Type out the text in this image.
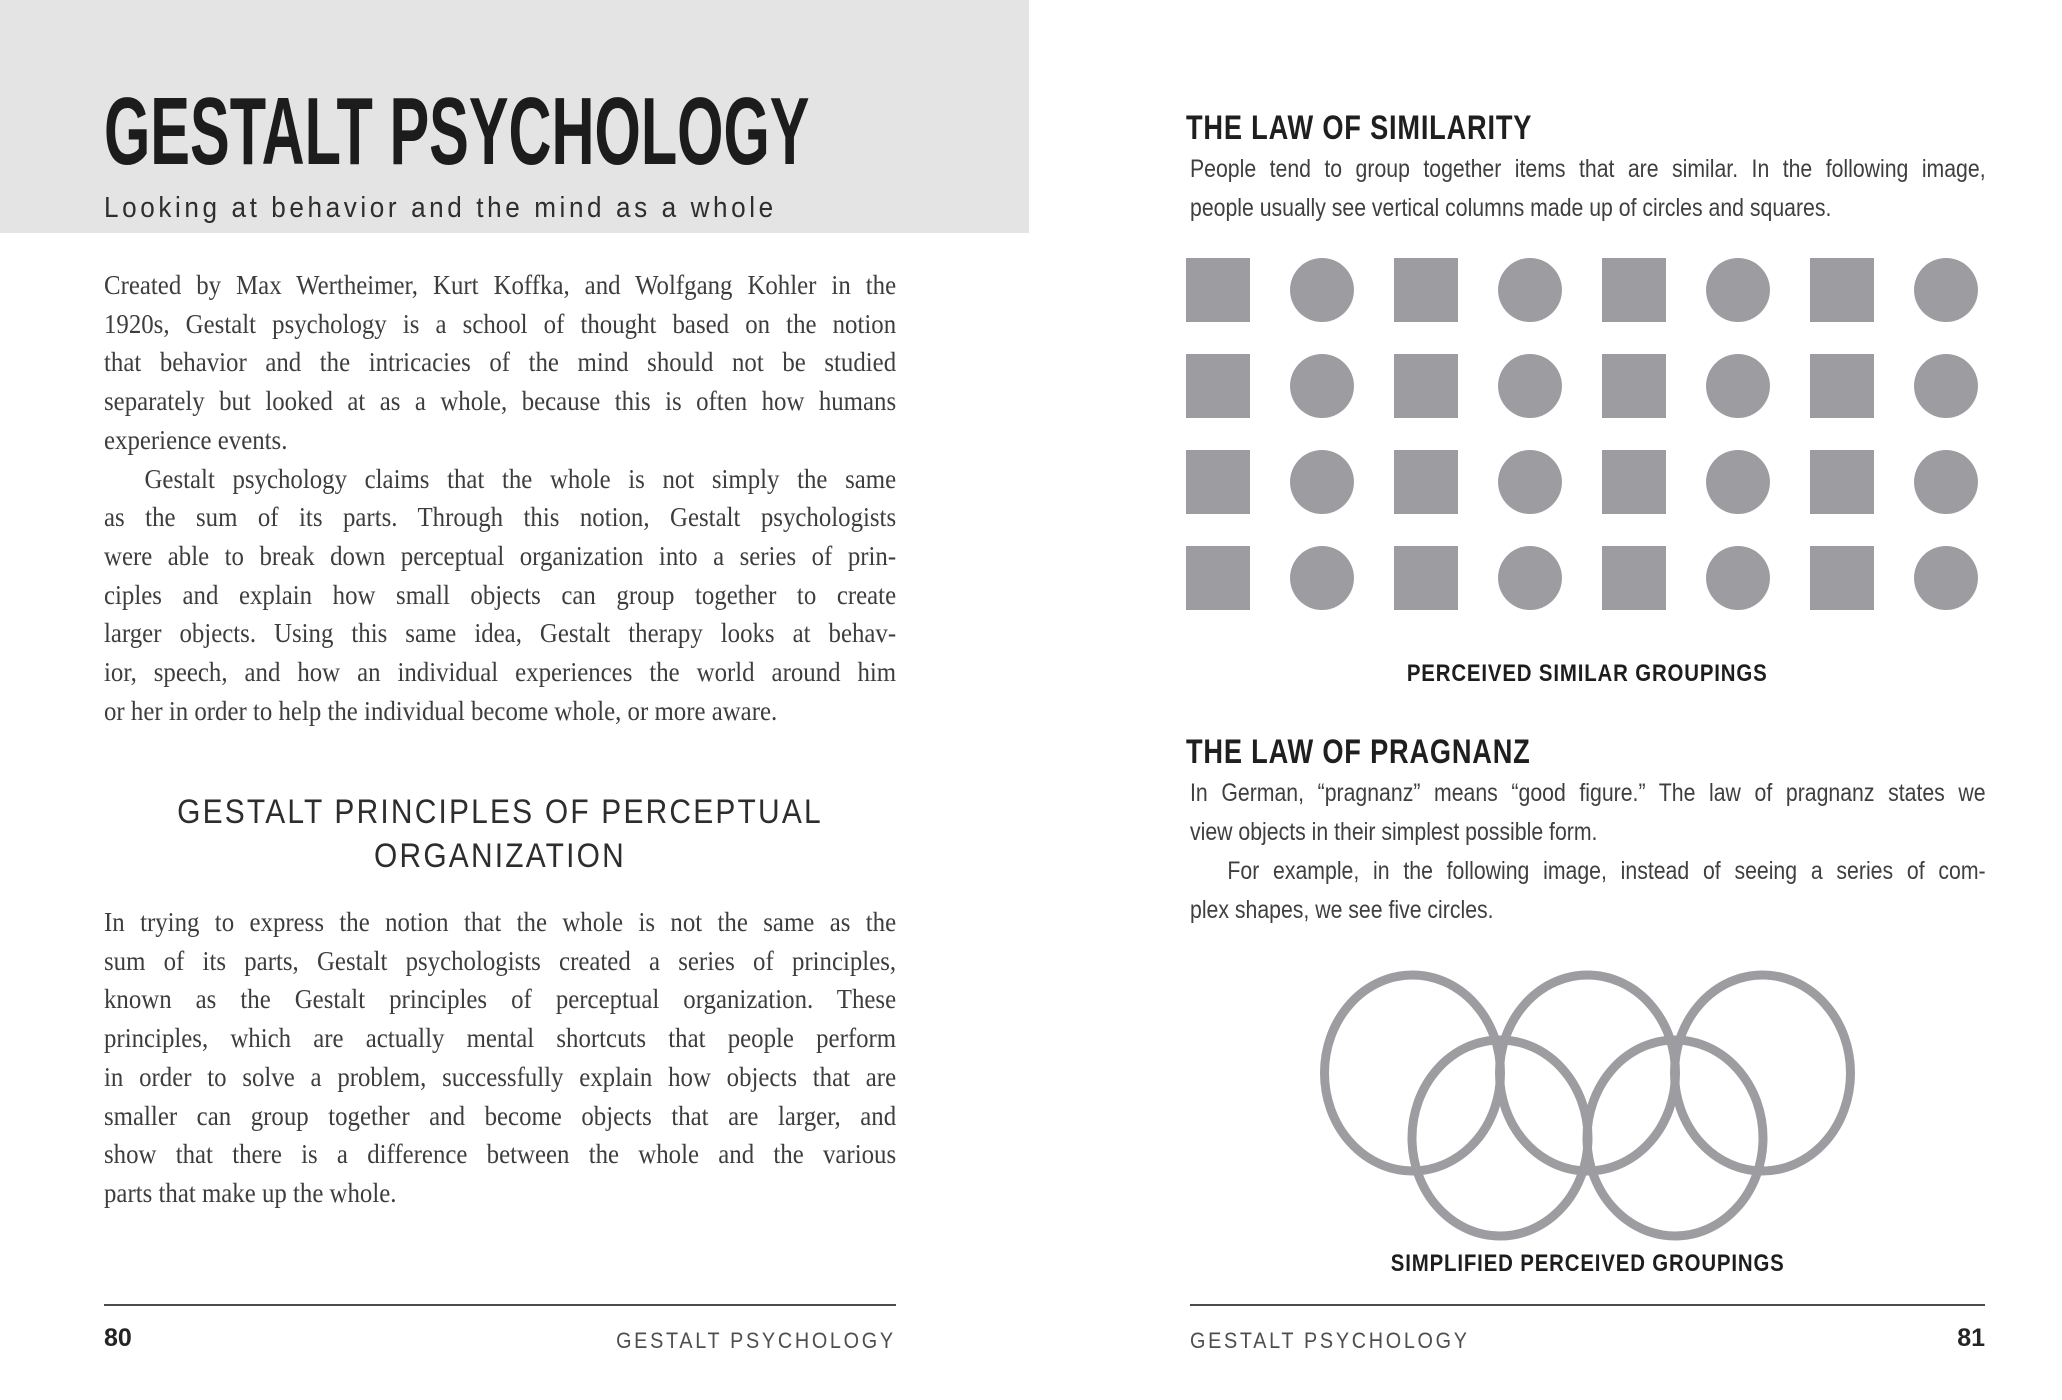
GESTALT PSYCHOLOGY
Looking at behavior and the mind as a whole
Created by Max Wertheimer, Kurt Koffka, and Wolfgang Kohler in the
1920s, Gestalt psychology is a school of thought based on the notion
that behavior and the intricacies of the mind should not be studied
separately but looked at as a whole, because this is often how humans
experience events.
Gestalt psychology claims that the whole is not simply the same
as the sum of its parts. Through this notion, Gestalt psychologists
were able to break down perceptual organization into a series of prin-
ciples and explain how small objects can group together to create
larger objects. Using this same idea, Gestalt therapy looks at behav-
ior, speech, and how an individual experiences the world around him
or her in order to help the individual become whole, or more aware.
GESTALT PRINCIPLES OF PERCEPTUAL
ORGANIZATION
In trying to express the notion that the whole is not the same as the
sum of its parts, Gestalt psychologists created a series of principles,
known as the Gestalt principles of perceptual organization. These
principles, which are actually mental shortcuts that people perform
in order to solve a problem, successfully explain how objects that are
smaller can group together and become objects that are larger, and
show that there is a difference between the whole and the various
parts that make up the whole.
80	GESTALT PSYCHOLOGY
THE LAW OF SIMILARITY
People tend to group together items that are similar. In the following image,
people usually see vertical columns made up of circles and squares.
PERCEIVED SIMILAR GROUPINGS
THE LAW OF PRAGNANZ
In German, “pragnanz” means “good figure.” The law of pragnanz states we
view objects in their simplest possible form.
For example, in the following image, instead of seeing a series of com-
plex shapes, we see five circles.
SIMPLIFIED PERCEIVED GROUPINGS
GESTALT PSYCHOLOGY	81
